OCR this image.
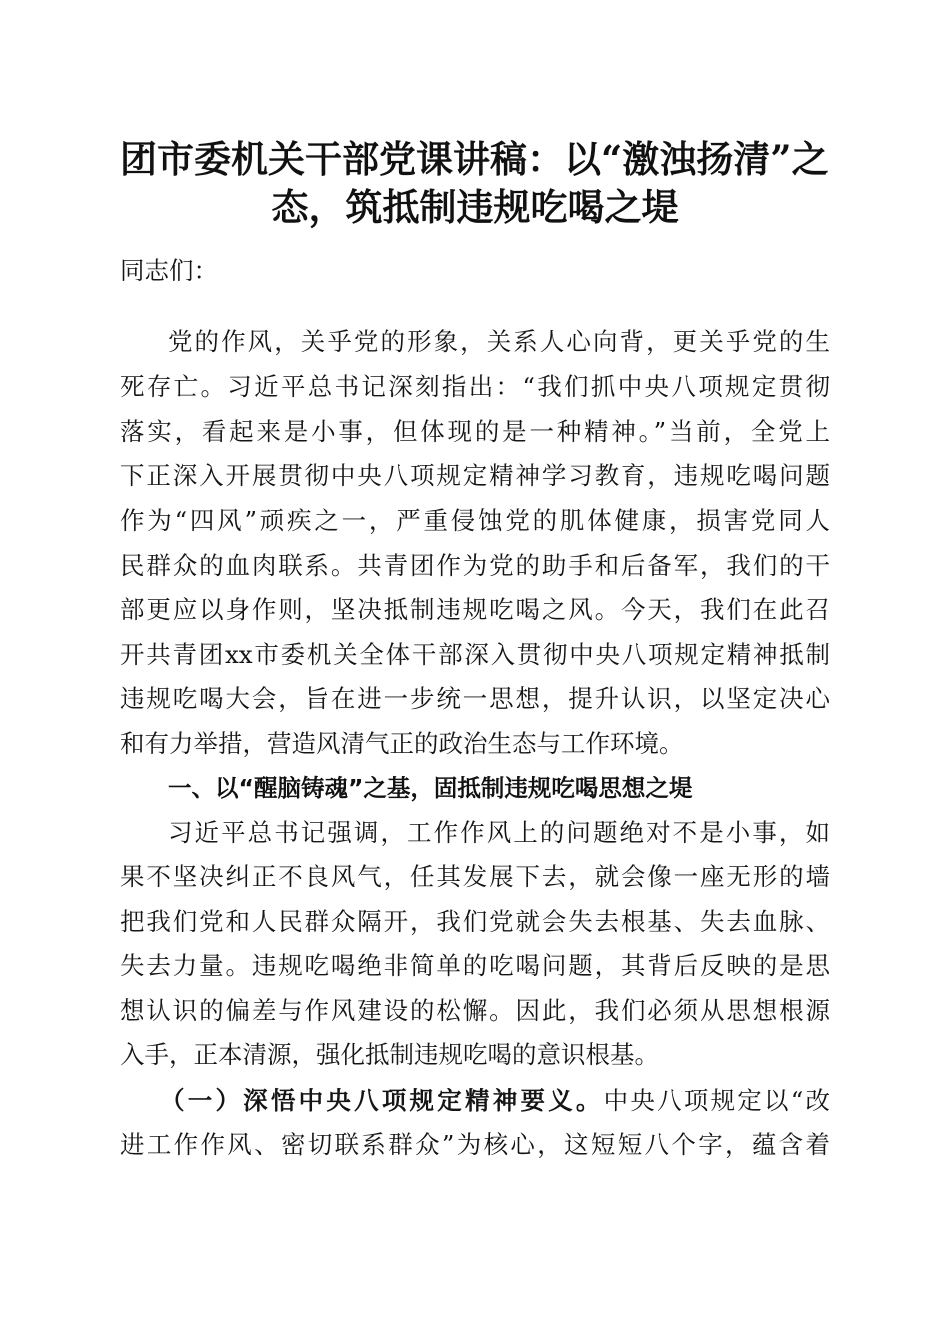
团市委机关干部党课讲稿：以“激浊扬清”之
态，筑抵制违规吃喝之堤

同志们：

党的作风，关乎党的形象，关系人心向背，更关乎党的生

死存亡。习近平总书记深刻指出：“我们抓中央八项规定贯彻

落实，看起来是小事，但体现的是一种精神。”当前，全党上

下正深入开展贯彻中央八项规定精神学习教育，违规吃喝问题

作为“四风”顽疾之一，严重侵蚀党的肌体健康，损害党同人

民群众的血肉联系。共青团作为党的助手和后备军，我们的干

部更应以身作则，坚决抵制违规吃喝之风。今天，我们在此召

开共青团xx市委机关全体干部深入贯彻中央八项规定精神抵制

违规吃喝大会，旨在进一步统一思想，提升认识，以坚定决心

和有力举措，营造风清气正的政治生态与工作环境。

一、以“醒脑铸魂”之基，固抵制违规吃喝思想之堤

习近平总书记强调，工作作风上的问题绝对不是小事，如

果不坚决纠正不良风气，任其发展下去，就会像一座无形的墙

把我们党和人民群众隔开，我们党就会失去根基、失去血脉、

失去力量。违规吃喝绝非简单的吃喝问题，其背后反映的是思

想认识的偏差与作风建设的松懈。因此，我们必须从思想根源

入手，正本清源，强化抵制违规吃喝的意识根基。

（一）深悟中央八项规定精神要义。中央八项规定以“改

进工作作风、密切联系群众”为核心，这短短八个字，蕴含着
